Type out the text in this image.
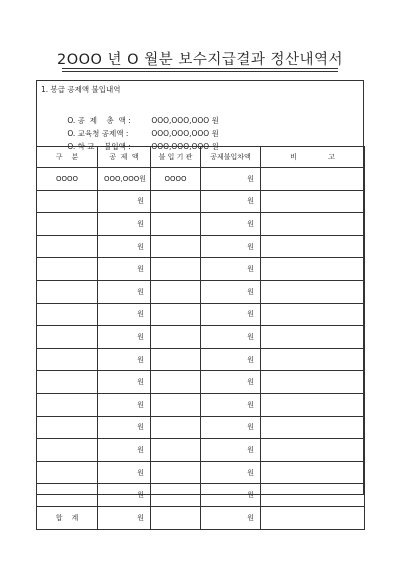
2OOO 년 O 월분 보수지급결과 정산내역서
1. 봉급 공제액 불입내역

O. 공  제    총  액 :	OOO,OOO,OOO 원

O. 교육청 공제액 :	OOO,OOO,OOO 원

O. 학 교    불입액 :	OOO,OOO,OOO 원

구    분	공  제  액	불 입 기 관	공제불입차액	비              고
OOOO	OOO,OOO원	OOOO	원	
	원		원	
	원		원	
	원		원	
	원		원	
	원		원	
	원		원	
	원		원	
	원		원	
	원		원	
	원		원	
	원		원	
	원		원	
	원		원	
	원		원	
합    계	원		원	
